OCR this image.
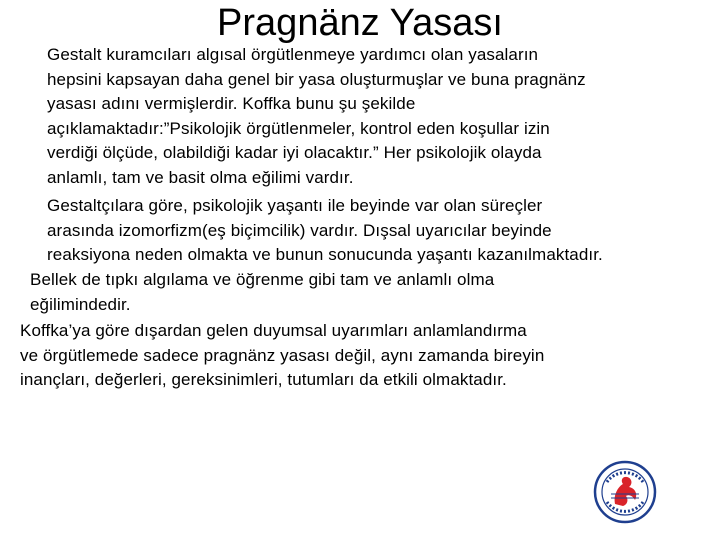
Pragnänz Yasası
Gestalt kuramcıları algısal örgütlenmeye yardımcı olan yasaların
hepsini kapsayan daha genel bir yasa oluşturmuşlar ve buna pragnänz
yasası adını vermişlerdir. Koffka bunu şu şekilde
açıklamaktadır:”Psikolojik örgütlenmeler, kontrol eden koşullar izin
verdiği ölçüde, olabildiği kadar iyi olacaktır.” Her psikolojik olayda
anlamlı, tam ve basit olma eğilimi vardır.
Gestaltçılara göre, psikolojik yaşantı ile beyinde var olan süreçler
arasında izomorfizm(eş biçimcilik) vardır. Dışsal uyarıcılar beyinde
reaksiyona neden olmakta ve bunun sonucunda yaşantı kazanılmaktadır.
Bellek de tıpkı algılama ve öğrenme gibi tam ve anlamlı olma
eğilimindedir.
Koffka’ya göre dışardan gelen duyumsal uyarımları anlamlandırma
ve örgütlemede sadece pragnänz yasası değil, aynı zamanda bireyin
inançları, değerleri, gereksinimleri, tutumları da etkili olmaktadır.
